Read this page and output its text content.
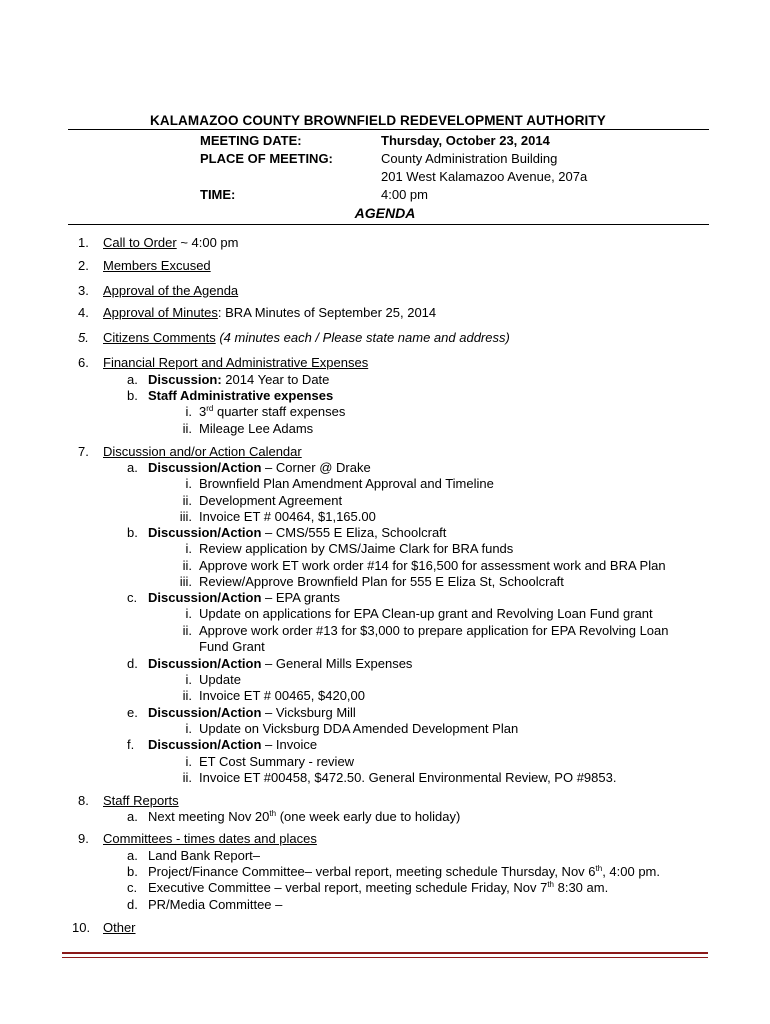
KALAMAZOO COUNTY BROWNFIELD REDEVELOPMENT AUTHORITY
MEETING DATE:	Thursday, October 23, 2014
PLACE OF MEETING:	County Administration Building
201 West Kalamazoo Avenue, 207a
TIME:	4:00 pm
AGENDA
1. Call to Order ~ 4:00 pm
2. Members Excused
3. Approval of the Agenda
4. Approval of Minutes: BRA Minutes of September 25, 2014
5. Citizens Comments (4 minutes each / Please state name and address)
6. Financial Report and Administrative Expenses
a. Discussion: 2014 Year to Date
b. Staff Administrative expenses
i. 3rd quarter staff expenses
ii. Mileage Lee Adams
7. Discussion and/or Action Calendar
a. Discussion/Action – Corner @ Drake
i. Brownfield Plan Amendment Approval and Timeline
ii. Development Agreement
iii. Invoice ET # 00464, $1,165.00
b. Discussion/Action – CMS/555 E Eliza, Schoolcraft
i. Review application by CMS/Jaime Clark for BRA funds
ii. Approve work ET work order #14 for $16,500 for assessment work and BRA Plan
iii. Review/Approve Brownfield Plan for 555 E Eliza St, Schoolcraft
c. Discussion/Action – EPA grants
i. Update on applications for EPA Clean-up grant and Revolving Loan Fund grant
ii. Approve work order #13 for $3,000 to prepare application for EPA Revolving Loan
Fund Grant
d. Discussion/Action – General Mills Expenses
i. Update
ii. Invoice ET # 00465, $420,00
e. Discussion/Action – Vicksburg Mill
i. Update on Vicksburg DDA Amended Development Plan
f. Discussion/Action – Invoice
i. ET Cost Summary - review
ii. Invoice ET #00458, $472.50. General Environmental Review, PO #9853.
8. Staff Reports
a. Next meeting Nov 20th (one week early due to holiday)
9. Committees - times dates and places
a. Land Bank Report–
b. Project/Finance Committee– verbal report, meeting schedule Thursday, Nov 6th, 4:00 pm.
c. Executive Committee – verbal report, meeting schedule Friday, Nov 7th 8:30 am.
d. PR/Media Committee –
10. Other
